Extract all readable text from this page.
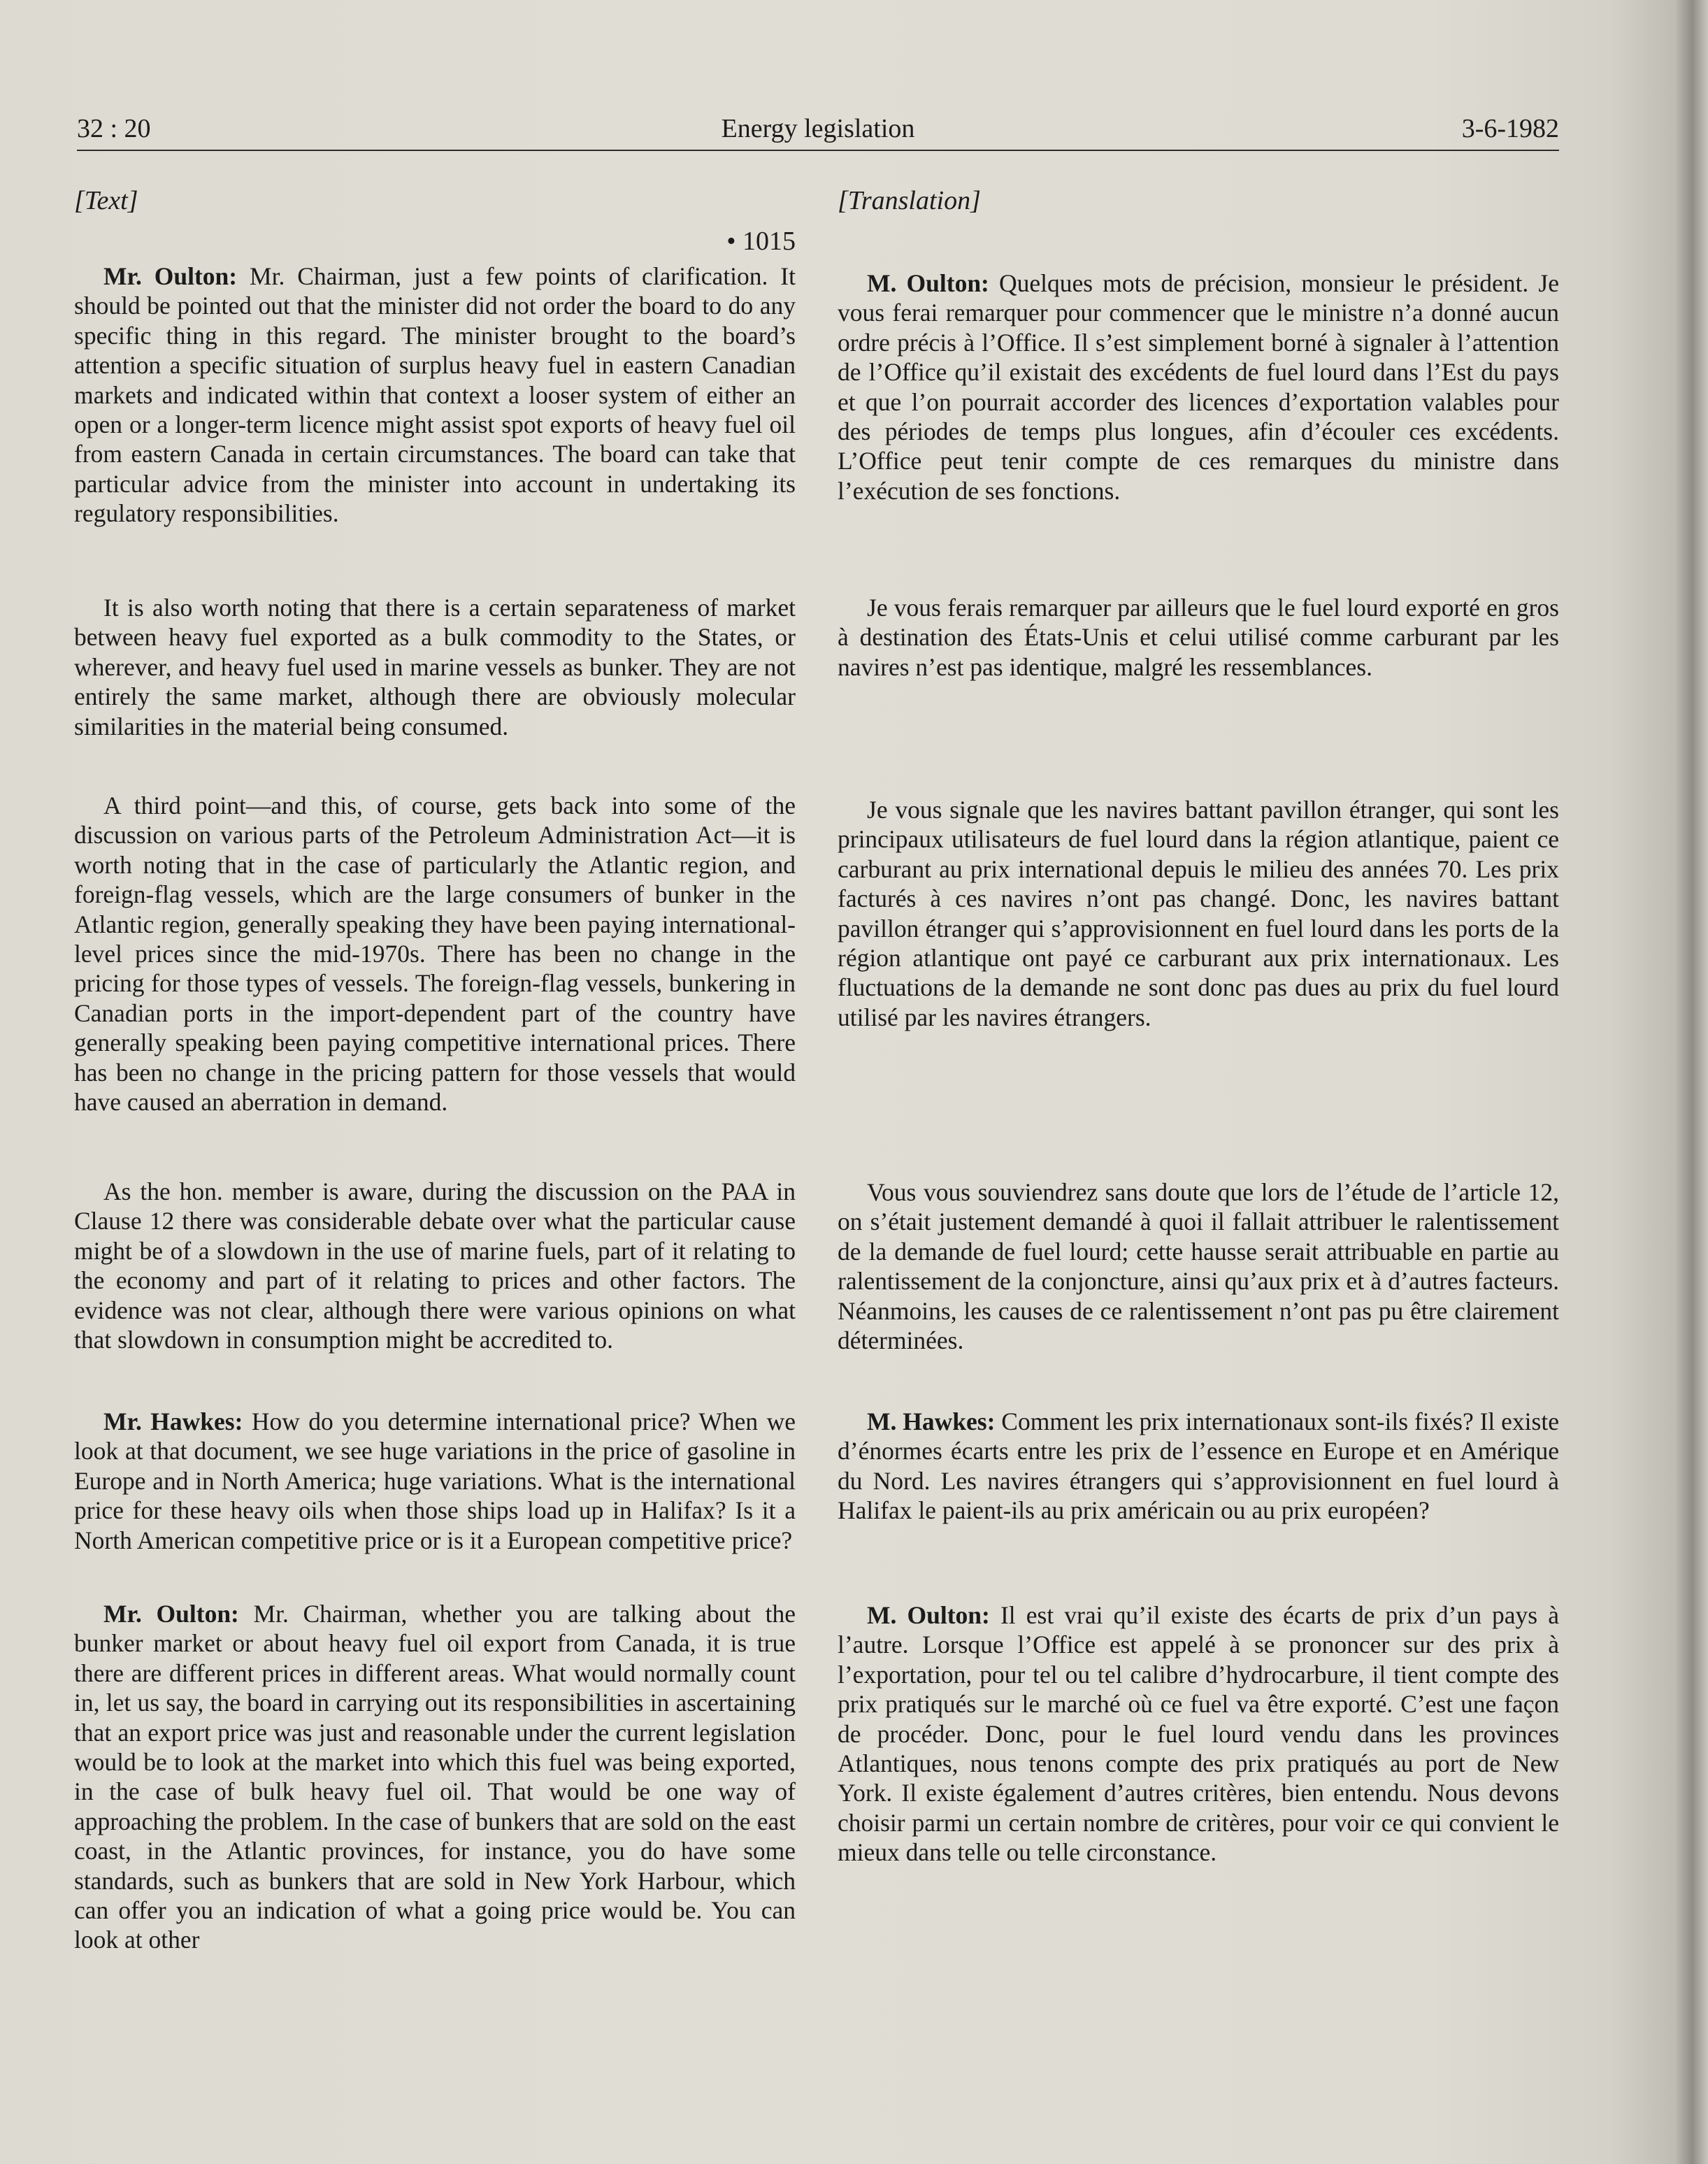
32 : 20	Energy legislation	3-6-1982
[Text]
• 1015

Mr. Oulton: Mr. Chairman, just a few points of clarification. It should be pointed out that the minister did not order the board to do any specific thing in this regard. The minister brought to the board’s attention a specific situation of surplus heavy fuel in eastern Canadian markets and indicated within that context a looser system of either an open or a longer-term licence might assist spot exports of heavy fuel oil from eastern Canada in certain circumstances. The board can take that particular advice from the minister into account in undertaking its regulatory responsibilities.

It is also worth noting that there is a certain separateness of market between heavy fuel exported as a bulk commodity to the States, or wherever, and heavy fuel used in marine vessels as bunker. They are not entirely the same market, although there are obviously molecular similarities in the material being consumed.

A third point—and this, of course, gets back into some of the discussion on various parts of the Petroleum Administration Act—it is worth noting that in the case of particularly the Atlantic region, and foreign-flag vessels, which are the large consumers of bunker in the Atlantic region, generally speaking they have been paying international-level prices since the mid-1970s. There has been no change in the pricing for those types of vessels. The foreign-flag vessels, bunkering in Canadian ports in the import-dependent part of the country have generally speaking been paying competitive international prices. There has been no change in the pricing pattern for those vessels that would have caused an aberration in demand.

As the hon. member is aware, during the discussion on the PAA in Clause 12 there was considerable debate over what the particular cause might be of a slowdown in the use of marine fuels, part of it relating to the economy and part of it relating to prices and other factors. The evidence was not clear, although there were various opinions on what that slowdown in consumption might be accredited to.

Mr. Hawkes: How do you determine international price? When we look at that document, we see huge variations in the price of gasoline in Europe and in North America; huge variations. What is the international price for these heavy oils when those ships load up in Halifax? Is it a North American competitive price or is it a European competitive price?

Mr. Oulton: Mr. Chairman, whether you are talking about the bunker market or about heavy fuel oil export from Canada, it is true there are different prices in different areas. What would normally count in, let us say, the board in carrying out its responsibilities in ascertaining that an export price was just and reasonable under the current legislation would be to look at the market into which this fuel was being exported, in the case of bulk heavy fuel oil. That would be one way of approaching the problem. In the case of bunkers that are sold on the east coast, in the Atlantic provinces, for instance, you do have some standards, such as bunkers that are sold in New York Harbour, which can offer you an indication of what a going price would be. You can look at other

[Translation]

M. Oulton: Quelques mots de précision, monsieur le président. Je vous ferai remarquer pour commencer que le ministre n’a donné aucun ordre précis à l’Office. Il s’est simplement borné à signaler à l’attention de l’Office qu’il existait des excédents de fuel lourd dans l’Est du pays et que l’on pourrait accorder des licences d’exportation valables pour des périodes de temps plus longues, afin d’écouler ces excédents. L’Office peut tenir compte de ces remarques du ministre dans l’exécution de ses fonctions.

Je vous ferais remarquer par ailleurs que le fuel lourd exporté en gros à destination des États-Unis et celui utilisé comme carburant par les navires n’est pas identique, malgré les ressemblances.

Je vous signale que les navires battant pavillon étranger, qui sont les principaux utilisateurs de fuel lourd dans la région atlantique, paient ce carburant au prix international depuis le milieu des années 70. Les prix facturés à ces navires n’ont pas changé. Donc, les navires battant pavillon étranger qui s’approvisionnent en fuel lourd dans les ports de la région atlantique ont payé ce carburant aux prix internationaux. Les fluctuations de la demande ne sont donc pas dues au prix du fuel lourd utilisé par les navires étrangers.

Vous vous souviendrez sans doute que lors de l’étude de l’article 12, on s’était justement demandé à quoi il fallait attribuer le ralentissement de la demande de fuel lourd; cette hausse serait attribuable en partie au ralentissement de la conjoncture, ainsi qu’aux prix et à d’autres facteurs. Néanmoins, les causes de ce ralentissement n’ont pas pu être clairement déterminées.

M. Hawkes: Comment les prix internationaux sont-ils fixés? Il existe d’énormes écarts entre les prix de l’essence en Europe et en Amérique du Nord. Les navires étrangers qui s’approvisionnent en fuel lourd à Halifax le paient-ils au prix américain ou au prix européen?

M. Oulton: Il est vrai qu’il existe des écarts de prix d’un pays à l’autre. Lorsque l’Office est appelé à se prononcer sur des prix à l’exportation, pour tel ou tel calibre d’hydrocarbure, il tient compte des prix pratiqués sur le marché où ce fuel va être exporté. C’est une façon de procéder. Donc, pour le fuel lourd vendu dans les provinces Atlantiques, nous tenons compte des prix pratiqués au port de New York. Il existe également d’autres critères, bien entendu. Nous devons choisir parmi un certain nombre de critères, pour voir ce qui convient le mieux dans telle ou telle circonstance.
